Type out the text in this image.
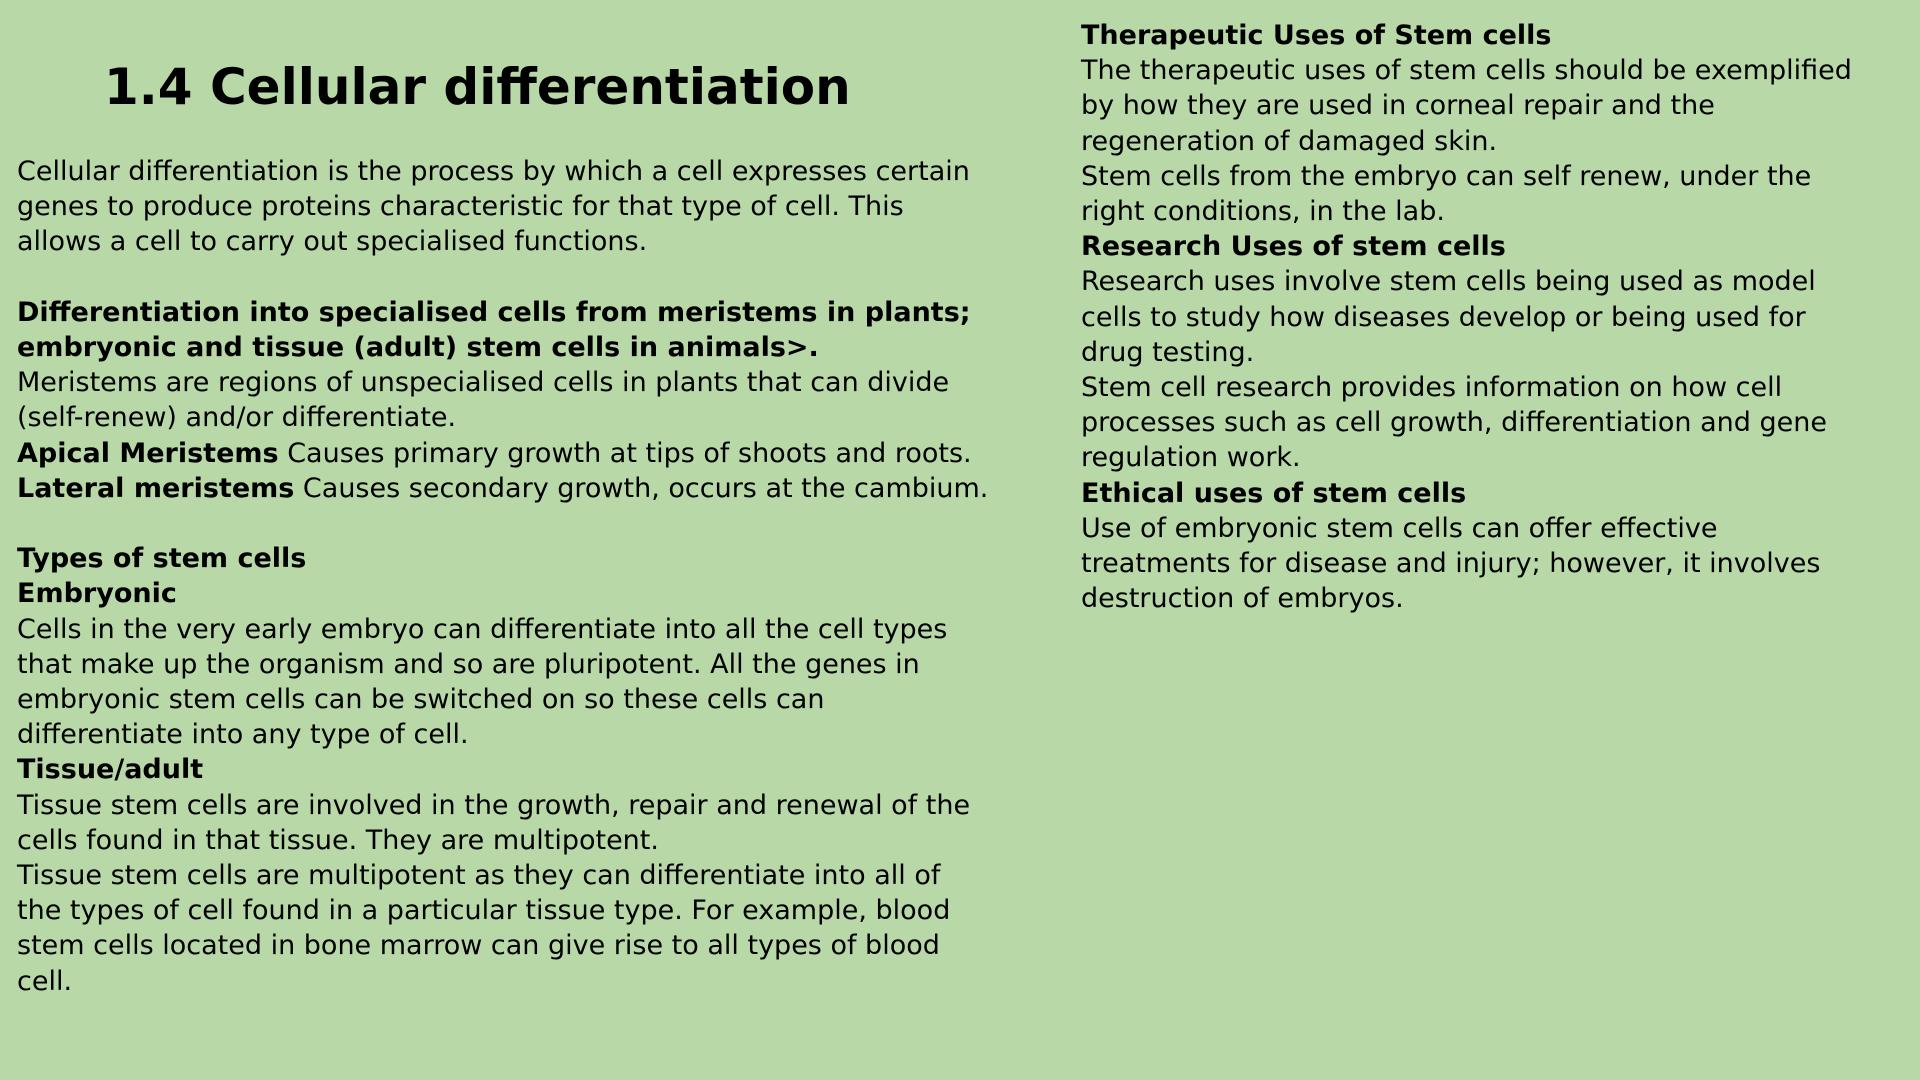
1.4 Cellular differentiation

Cellular differentiation is the process by which a cell expresses certain
genes to produce proteins characteristic for that type of cell. This
allows a cell to carry out specialised functions.

Differentiation into specialised cells from meristems in plants;
embryonic and tissue (adult) stem cells in animals>.

Meristems are regions of unspecialised cells in plants that can divide
(self-renew) and/or differentiate.

Apical Meristems Causes primary growth at tips of shoots and roots.

Lateral meristems Causes secondary growth, occurs at the cambium.

Types of stem cells

Embryonic

Cells in the very early embryo can differentiate into all the cell types
that make up the organism and so are pluripotent. All the genes in
embryonic stem cells can be switched on so these cells can
differentiate into any type of cell.

Tissue/adult

Tissue stem cells are involved in the growth, repair and renewal of the
cells found in that tissue. They are multipotent.

Tissue stem cells are multipotent as they can differentiate into all of
the types of cell found in a particular tissue type. For example, blood
stem cells located in bone marrow can give rise to all types of blood
cell.

Therapeutic Uses of Stem cells

The therapeutic uses of stem cells should be exemplified
by how they are used in corneal repair and the
regeneration of damaged skin.

Stem cells from the embryo can self renew, under the
right conditions, in the lab.

Research Uses of stem cells

Research uses involve stem cells being used as model
cells to study how diseases develop or being used for
drug testing.

Stem cell research provides information on how cell
processes such as cell growth, differentiation and gene
regulation work.

Ethical uses of stem cells

Use of embryonic stem cells can offer effective
treatments for disease and injury; however, it involves
destruction of embryos.
